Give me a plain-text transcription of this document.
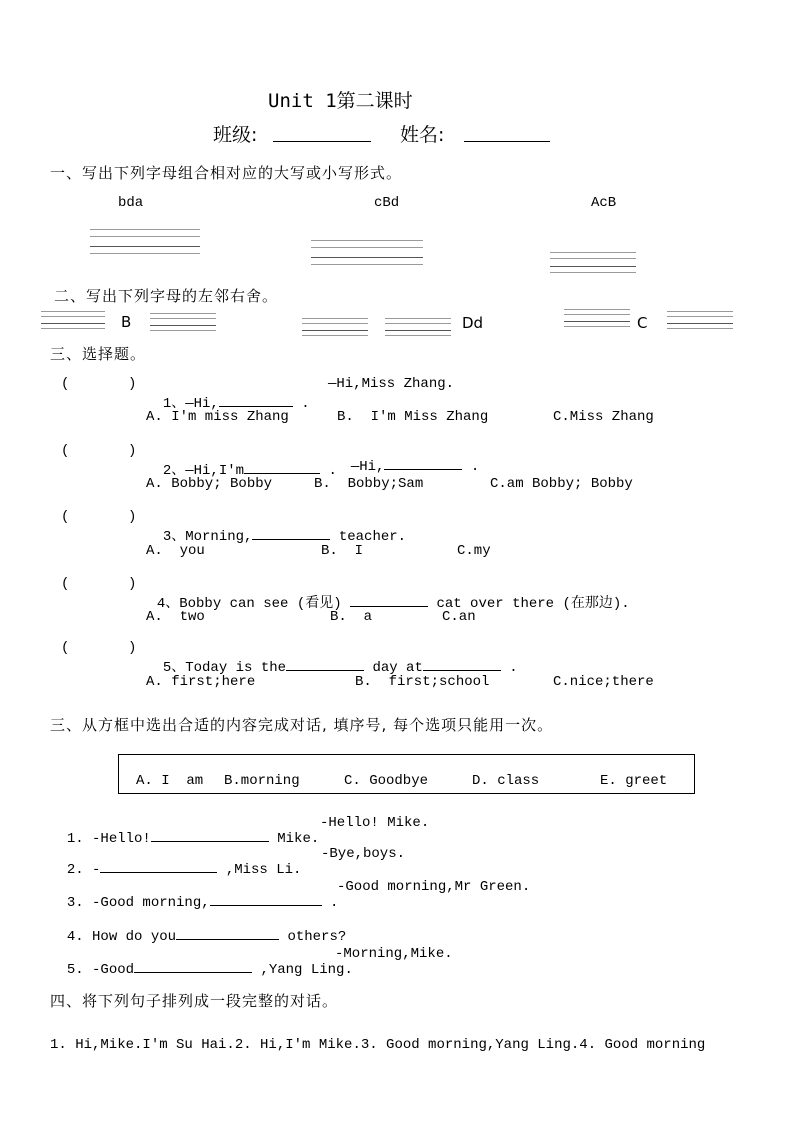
Unit 1第二课时
班级:	姓名:
一、写出下列字母组合相对应的大写或小写形式。
bda	cBd	AcB
二、写出下列字母的左邻右舍。
B	Dd	C
三、选择题。
(	)

1、—Hi,	.

—Hi,Miss Zhang.
A. I'm miss Zhang	B.  I'm Miss Zhang	C.Miss Zhang
(	)

2、—Hi,I'm	. —Hi,	.

A. Bobby; Bobby	B.  Bobby;Sam	C.am Bobby; Bobby
(	)

3、Morning,	teacher.

A.  you	B.  I	C.my
(	)

4、Bobby can see (看见)	cat over there (在那边).

A.  two	B.  a	C.an
(	)

5、Today is the	day at	.

A. first;here	B.  first;school	C.nice;there
三、从方框中选出合适的内容完成对话, 填序号, 每个选项只能用一次。
A. I  am B.morning	C. Goodbye	D. class	E. greet

1. -Hello!	Mike.

-Hello! Mike.

2. -	,Miss Li.

-Bye,boys.

3. -Good morning,	.

-Good morning,Mr Green.

4. How do you	others?

5. -Good	,Yang Ling.

-Morning,Mike.
四、将下列句子排列成一段完整的对话。
1. Hi,Mike.I'm Su Hai.2. Hi,I'm Mike.3. Good morning,Yang Ling.4. Good morning
